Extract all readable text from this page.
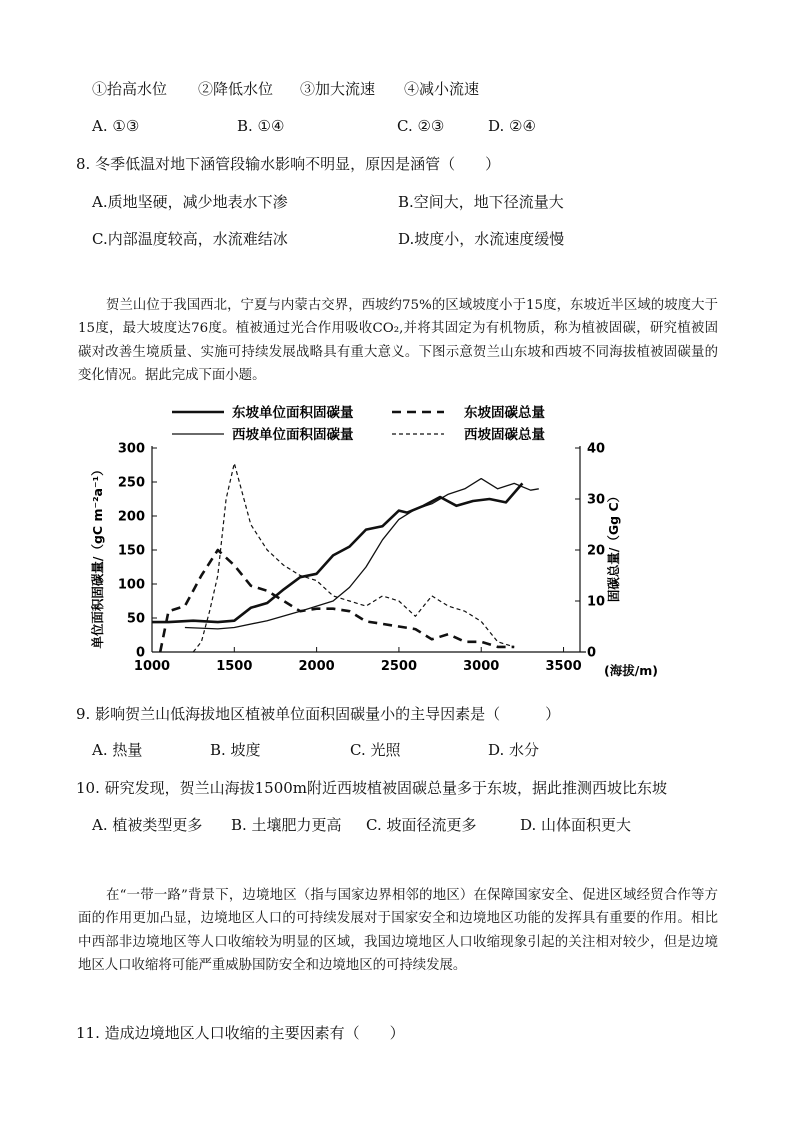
①抬高水位 ②降低水位 ③加大流速 ④减小流速
A. ①③	B. ①④	C. ②③	D. ②④
8. 冬季低温对地下涵管段输水影响不明显，原因是涵管（　　）
A.质地坚硬，减少地表水下渗	B.空间大，地下径流量大
C.内部温度较高，水流难结冰	D.坡度小，水流速度缓慢
贺兰山位于我国西北，宁夏与内蒙古交界，西坡约75%的区域坡度小于15度，东坡近半区域的坡度大于15度，最大坡度达76度。植被通过光合作用吸收CO₂,并将其固定为有机物质，称为植被固碳，研究植被固碳对改善生境质量、实施可持续发展战略具有重大意义。下图示意贺兰山东坡和西坡不同海拔植被固碳量的变化情况。据此完成下面小题。
1000	1500	2000	2500	3000	3500
0
50
100
150
200
250
300
0
10
20
30
40
东坡单位面积固碳量	东坡固碳总量
西坡单位面积固碳量	西坡固碳总量
单位面积固碳量/（gC m⁻²a⁻¹）	固碳总量/（Gg C）
(海拔/m)
9. 影响贺兰山低海拔地区植被单位面积固碳量小的主导因素是（　　　）
A. 热量	B. 坡度	C. 光照	D. 水分
10. 研究发现，贺兰山海拔1500m附近西坡植被固碳总量多于东坡，据此推测西坡比东坡
A. 植被类型更多 B. 土壤肥力更高 C. 坡面径流更多	D. 山体面积更大
在“一带一路”背景下，边境地区（指与国家边界相邻的地区）在保障国家安全、促进区域经贸合作等方面的作用更加凸显，边境地区人口的可持续发展对于国家安全和边境地区功能的发挥具有重要的作用。相比中西部非边境地区等人口收缩较为明显的区域，我国边境地区人口收缩现象引起的关注相对较少，但是边境地区人口收缩将可能严重威胁国防安全和边境地区的可持续发展。
11. 造成边境地区人口收缩的主要因素有（　　）
